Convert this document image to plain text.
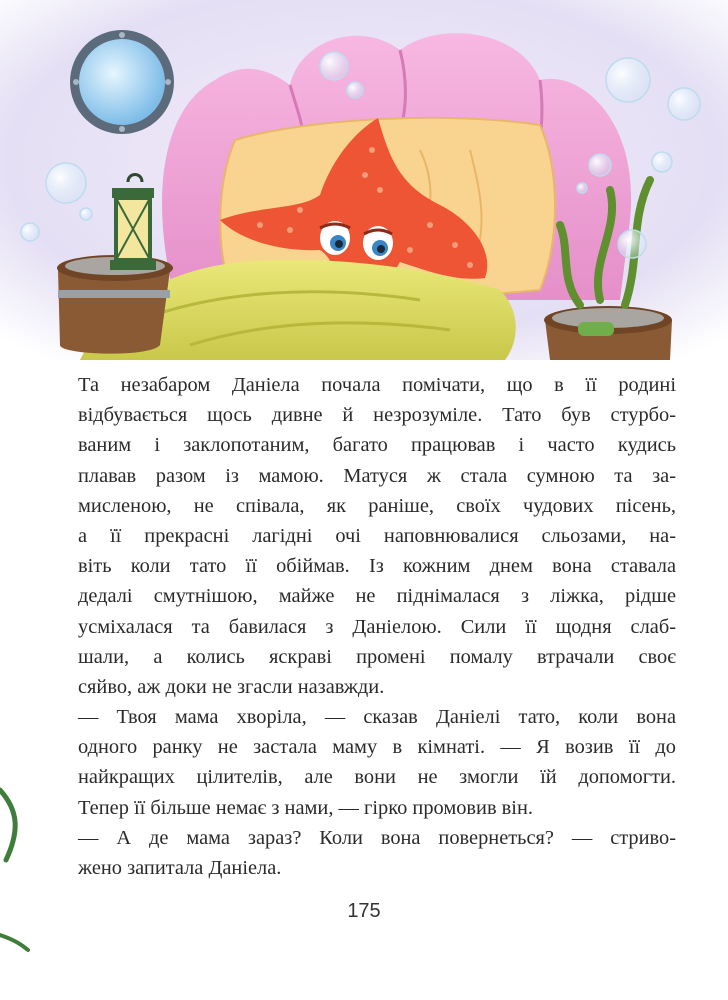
Та незабаром Даніела почала помічати, що в її родині
відбувається щось дивне й незрозуміле. Тато був стурбо-
ваним і заклопотаним, багато працював і часто кудись
плавав разом із мамою. Матуся ж стала сумною та за-
мисленою, не співала, як раніше, своїх чудових пісень,
а її прекрасні лагідні очі наповнювалися сльозами, на-
віть коли тато її обіймав. Із кожним днем вона ставала
дедалі смутнішою, майже не піднімалася з ліжка, рідше
усміхалася та бавилася з Даніелою. Сили її щодня слаб-
шали, а колись яскраві промені помалу втрачали своє
сяйво, аж доки не згасли назавжди.
— Твоя мама хворіла, — сказав Даніелі тато, коли вона
одного ранку не застала маму в кімнаті. — Я возив її до
найкращих цілителів, але вони не змогли їй допомогти.
Тепер її більше немає з нами, — гірко промовив він.
— А де мама зараз? Коли вона повернеться? — стриво-
жено запитала Даніела.
175
